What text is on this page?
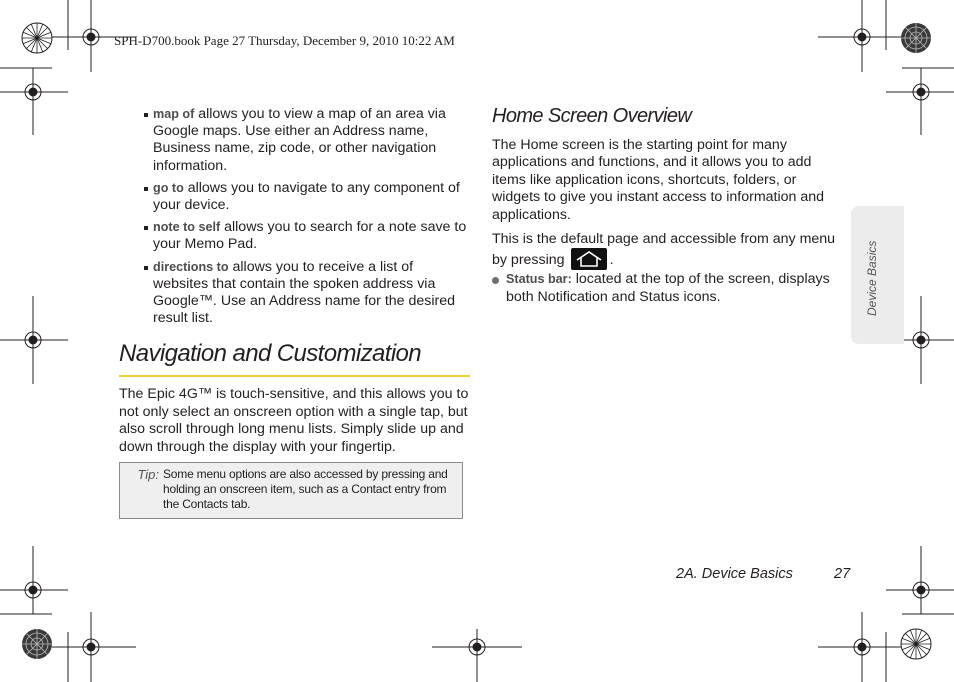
SPH-D700.book Page 27 Thursday, December 9, 2010 10:22 AM
map of allows you to view a map of an area via Google maps. Use either an Address name, Business name, zip code, or other navigation information.
go to allows you to navigate to any component of your device.
note to self allows you to search for a note save to your Memo Pad.
directions to allows you to receive a list of websites that contain the spoken address via Google™. Use an Address name for the desired result list.
Navigation and Customization

The Epic 4G™ is touch-sensitive, and this allows you to not only select an onscreen option with a single tap, but also scroll through long menu lists. Simply slide up and down through the display with your fingertip.

Tip: Some menu options are also accessed by pressing and holding an onscreen item, such as a Contact entry from the Contacts tab.
Home Screen Overview

The Home screen is the starting point for many applications and functions, and it allows you to add items like application icons, shortcuts, folders, or widgets to give you instant access to information and applications.

This is the default page and accessible from any menu by pressing	.

Status bar: located at the top of the screen, displays both Notification and Status icons.	Device Basics
2A. Device Basics	27
